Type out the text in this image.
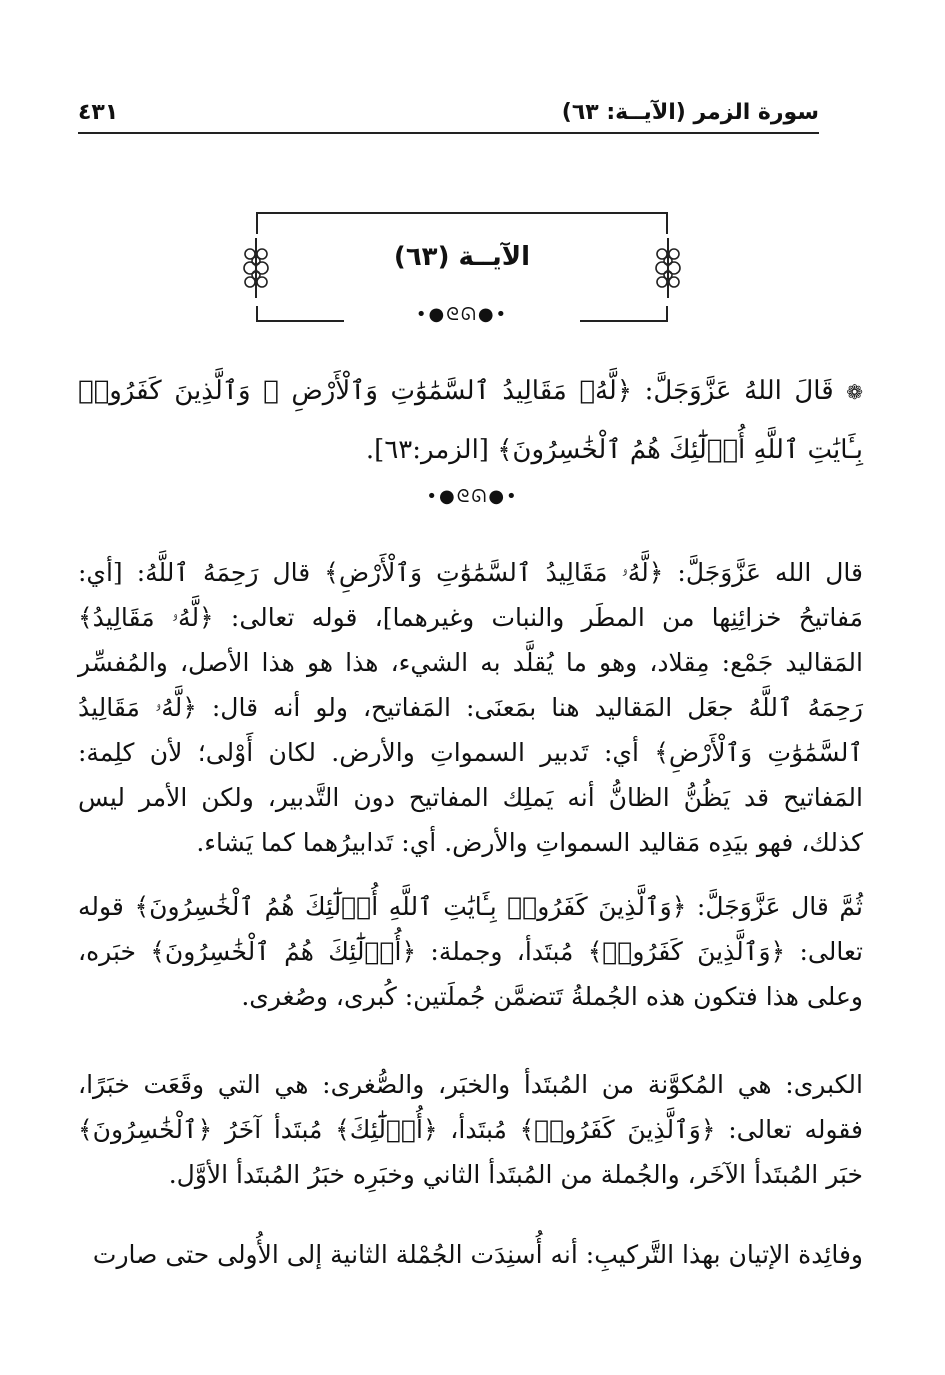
سورة الزمر (الآيــة: ٦٣)
٤٣١
الآيــة (٦٣)
•●ᘓᘏ●•

❁ قَالَ اللهُ عَزَّوَجَلَّ: ﴿لَّهُۥ مَقَالِيدُ ٱلسَّمَٰوَٰتِ وَٱلْأَرْضِ ۗ وَٱلَّذِينَ كَفَرُوا۟ بِـَٔايَٰتِ ٱللَّهِ أُو۟لَٰٓئِكَ هُمُ ٱلْخَٰسِرُونَ﴾ [الزمر:٦٣].

•●ᘓᘏ●•

قال الله عَزَّوَجَلَّ: ﴿لَّهُۥ مَقَالِيدُ ٱلسَّمَٰوَٰتِ وَٱلْأَرْضِ﴾ قال رَحِمَهُ ٱللَّهُ: [أي: مَفاتيحُ خزائِنِها من المطَر والنبات وغيرهما]، قوله تعالى: ﴿لَّهُۥ مَقَالِيدُ﴾ المَقاليد جَمْع: مِقلاد، وهو ما يُقلَّد به الشيء، هذا هو هذا الأصل، والمُفسِّر رَحِمَهُ ٱللَّهُ جعَل المَقاليد هنا بمَعنَى: المَفاتيح، ولو أنه قال: ﴿لَّهُۥ مَقَالِيدُ ٱلسَّمَٰوَٰتِ وَٱلْأَرْضِ﴾ أي: تَدبير السمواتِ والأرض. لكان أَوْلى؛ لأن كلِمة: المَفاتيح قد يَظُنُّ الظانُّ أنه يَملِك المفاتيح دون التَّدبير، ولكن الأمر ليس كذلك، فهو بيَدِه مَقاليد السمواتِ والأرض. أي: تَدابيرُهما كما يَشاء.

ثُمَّ قال عَزَّوَجَلَّ: ﴿وَٱلَّذِينَ كَفَرُوا۟ بِـَٔايَٰتِ ٱللَّهِ أُو۟لَٰٓئِكَ هُمُ ٱلْخَٰسِرُونَ﴾ قوله تعالى: ﴿وَٱلَّذِينَ كَفَرُوا۟﴾ مُبتَدأ، وجملة: ﴿أُو۟لَٰٓئِكَ هُمُ ٱلْخَٰسِرُونَ﴾ خبَره، وعلى هذا فتكون هذه الجُملةُ تَتضمَّن جُملَتين: كُبرى، وصُغرى.

الكبرى: هي المُكوَّنة من المُبتَدأ والخبَر، والصُّغرى: هي التي وقَعَت خبَرًا، فقوله تعالى: ﴿وَٱلَّذِينَ كَفَرُوا۟﴾ مُبتَدأ، ﴿أُو۟لَٰٓئِكَ﴾ مُبتَدأ آخَرُ ﴿ٱلْخَٰسِرُونَ﴾ خبَر المُبتَدأ الآخَر، والجُملة من المُبتَدأ الثاني وخبَرِه خبَرُ المُبتَدأ الأوَّل.

وفائِدة الإتيان بهذا التَّركيبِ: أنه أُسنِدَت الجُمْلة الثانية إلى الأُولى حتى صارت
